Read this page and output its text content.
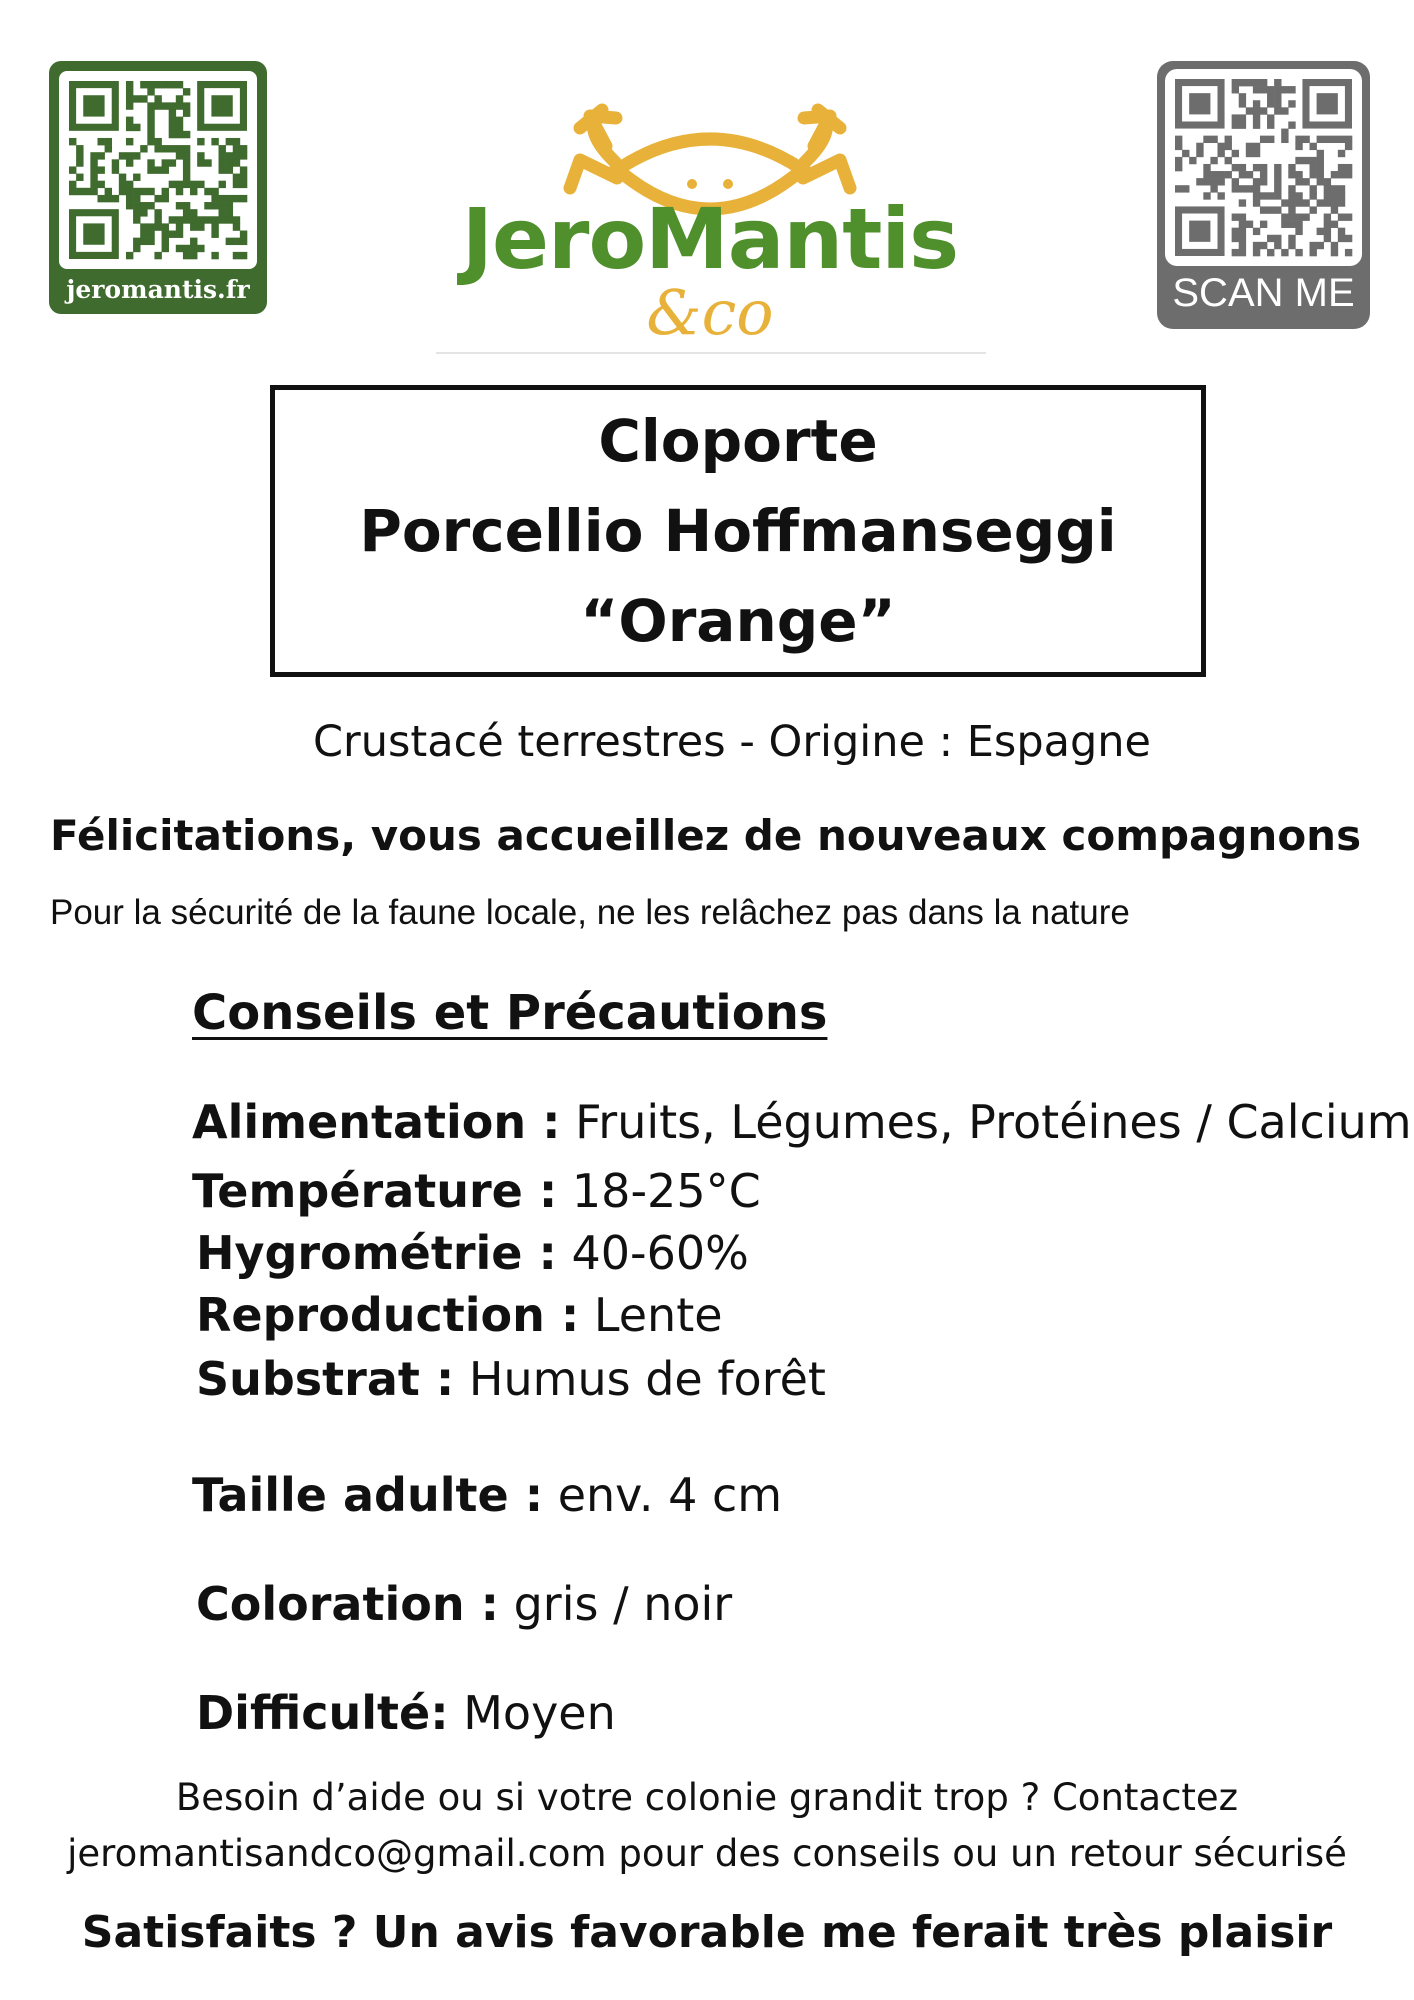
jeromantis.fr
JeroMantis
&co	SCAN ME
Cloporte
Porcellio Hoffmanseggi
“Orange”
Crustacé terrestres - Origine : Espagne
Félicitations, vous accueillez de nouveaux compagnons
Pour la sécurité de la faune locale, ne les relâchez pas dans la nature
Conseils et Précautions
Alimentation : Fruits, Légumes, Protéines / Calcium
Température : 18-25°C
Hygrométrie : 40-60%
Reproduction : Lente
Substrat : Humus de forêt
Taille adulte : env. 4 cm
Coloration : gris / noir
Difficulté: Moyen
Besoin d’aide ou si votre colonie grandit trop ? Contactez
jeromantisandco@gmail.com pour des conseils ou un retour sécurisé
Satisfaits ? Un avis favorable me ferait très plaisir
